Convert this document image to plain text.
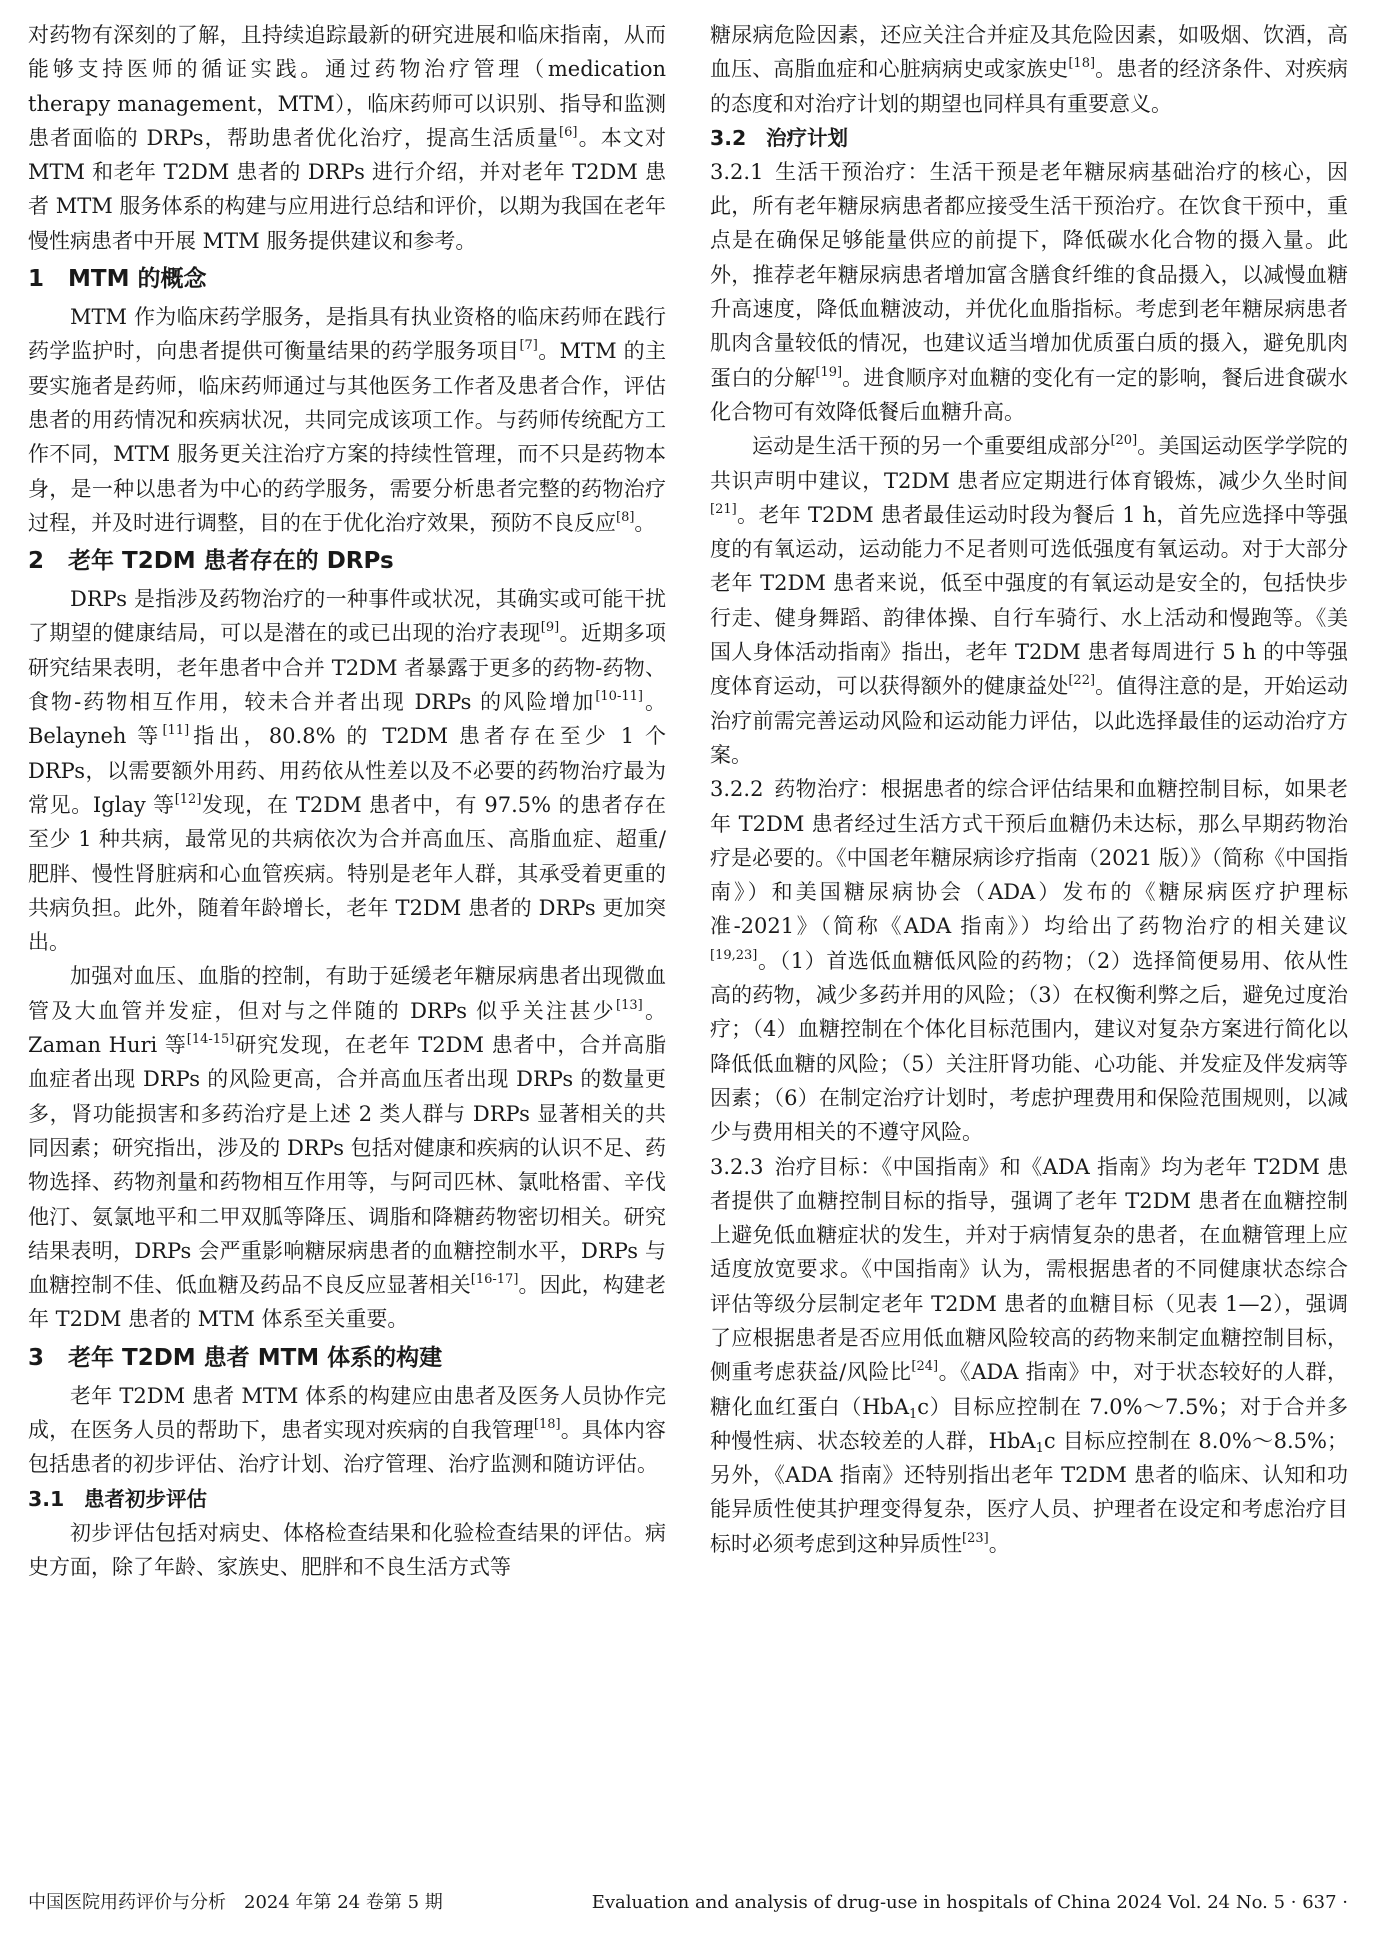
对药物有深刻的了解，且持续追踪最新的研究进展和临床指南，从而能够支持医师的循证实践。通过药物治疗管理（medication therapy management，MTM），临床药师可以识别、指导和监测患者面临的 DRPs，帮助患者优化治疗，提高生活质量[6]。本文对 MTM 和老年 T2DM 患者的 DRPs 进行介绍，并对老年 T2DM 患者 MTM 服务体系的构建与应用进行总结和评价，以期为我国在老年慢性病患者中开展 MTM 服务提供建议和参考。

1 MTM 的概念

MTM 作为临床药学服务，是指具有执业资格的临床药师在践行药学监护时，向患者提供可衡量结果的药学服务项目[7]。MTM 的主要实施者是药师，临床药师通过与其他医务工作者及患者合作，评估患者的用药情况和疾病状况，共同完成该项工作。与药师传统配方工作不同，MTM 服务更关注治疗方案的持续性管理，而不只是药物本身，是一种以患者为中心的药学服务，需要分析患者完整的药物治疗过程，并及时进行调整，目的在于优化治疗效果，预防不良反应[8]。

2 老年 T2DM 患者存在的 DRPs

DRPs 是指涉及药物治疗的一种事件或状况，其确实或可能干扰了期望的健康结局，可以是潜在的或已出现的治疗表现[9]。近期多项研究结果表明，老年患者中合并 T2DM 者暴露于更多的药物-药物、食物-药物相互作用，较未合并者出现 DRPs 的风险增加[10-11]。Belayneh 等[11]指出，80.8% 的 T2DM 患者存在至少 1 个 DRPs，以需要额外用药、用药依从性差以及不必要的药物治疗最为常见。Iglay 等[12]发现，在 T2DM 患者中，有 97.5% 的患者存在至少 1 种共病，最常见的共病依次为合并高血压、高脂血症、超重/肥胖、慢性肾脏病和心血管疾病。特别是老年人群，其承受着更重的共病负担。此外，随着年龄增长，老年 T2DM 患者的 DRPs 更加突出。

加强对血压、血脂的控制，有助于延缓老年糖尿病患者出现微血管及大血管并发症，但对与之伴随的 DRPs 似乎关注甚少[13]。Zaman Huri 等[14-15]研究发现，在老年 T2DM 患者中，合并高脂血症者出现 DRPs 的风险更高，合并高血压者出现 DRPs 的数量更多，肾功能损害和多药治疗是上述 2 类人群与 DRPs 显著相关的共同因素；研究指出，涉及的 DRPs 包括对健康和疾病的认识不足、药物选择、药物剂量和药物相互作用等，与阿司匹林、氯吡格雷、辛伐他汀、氨氯地平和二甲双胍等降压、调脂和降糖药物密切相关。研究结果表明，DRPs 会严重影响糖尿病患者的血糖控制水平，DRPs 与血糖控制不佳、低血糖及药品不良反应显著相关[16-17]。因此，构建老年 T2DM 患者的 MTM 体系至关重要。

3 老年 T2DM 患者 MTM 体系的构建

老年 T2DM 患者 MTM 体系的构建应由患者及医务人员协作完成，在医务人员的帮助下，患者实现对疾病的自我管理[18]。具体内容包括患者的初步评估、治疗计划、治疗管理、治疗监测和随访评估。

3.1 患者初步评估

初步评估包括对病史、体格检查结果和化验检查结果的评估。病史方面，除了年龄、家族史、肥胖和不良生活方式等

糖尿病危险因素，还应关注合并症及其危险因素，如吸烟、饮酒，高血压、高脂血症和心脏病病史或家族史[18]。患者的经济条件、对疾病的态度和对治疗计划的期望也同样具有重要意义。

3.2 治疗计划

3.2.1 生活干预治疗：生活干预是老年糖尿病基础治疗的核心，因此，所有老年糖尿病患者都应接受生活干预治疗。在饮食干预中，重点是在确保足够能量供应的前提下，降低碳水化合物的摄入量。此外，推荐老年糖尿病患者增加富含膳食纤维的食品摄入，以减慢血糖升高速度，降低血糖波动，并优化血脂指标。考虑到老年糖尿病患者肌肉含量较低的情况，也建议适当增加优质蛋白质的摄入，避免肌肉蛋白的分解[19]。进食顺序对血糖的变化有一定的影响，餐后进食碳水化合物可有效降低餐后血糖升高。

运动是生活干预的另一个重要组成部分[20]。美国运动医学学院的共识声明中建议，T2DM 患者应定期进行体育锻炼，减少久坐时间[21]。老年 T2DM 患者最佳运动时段为餐后 1 h，首先应选择中等强度的有氧运动，运动能力不足者则可选低强度有氧运动。对于大部分老年 T2DM 患者来说，低至中强度的有氧运动是安全的，包括快步行走、健身舞蹈、韵律体操、自行车骑行、水上活动和慢跑等。《美国人身体活动指南》指出，老年 T2DM 患者每周进行 5 h 的中等强度体育运动，可以获得额外的健康益处[22]。值得注意的是，开始运动治疗前需完善运动风险和运动能力评估，以此选择最佳的运动治疗方案。

3.2.2 药物治疗：根据患者的综合评估结果和血糖控制目标，如果老年 T2DM 患者经过生活方式干预后血糖仍未达标，那么早期药物治疗是必要的。《中国老年糖尿病诊疗指南（2021 版）》（简称《中国指南》）和美国糖尿病协会（ADA）发布的《糖尿病医疗护理标准-2021》（简称《ADA 指南》）均给出了药物治疗的相关建议[19,23]。（1）首选低血糖低风险的药物；（2）选择简便易用、依从性高的药物，减少多药并用的风险；（3）在权衡利弊之后，避免过度治疗；（4）血糖控制在个体化目标范围内，建议对复杂方案进行简化以降低低血糖的风险；（5）关注肝肾功能、心功能、并发症及伴发病等因素；（6）在制定治疗计划时，考虑护理费用和保险范围规则，以减少与费用相关的不遵守风险。

3.2.3 治疗目标：《中国指南》和《ADA 指南》均为老年 T2DM 患者提供了血糖控制目标的指导，强调了老年 T2DM 患者在血糖控制上避免低血糖症状的发生，并对于病情复杂的患者，在血糖管理上应适度放宽要求。《中国指南》认为，需根据患者的不同健康状态综合评估等级分层制定老年 T2DM 患者的血糖目标（见表 1—2），强调了应根据患者是否应用低血糖风险较高的药物来制定血糖控制目标，侧重考虑获益/风险比[24]。《ADA 指南》中，对于状态较好的人群，糖化血红蛋白（HbA$_1$c）目标应控制在 7.0%～7.5%；对于合并多种慢性病、状态较差的人群，HbA$_1$c 目标应控制在 8.0%～8.5%；另外，《ADA 指南》还特别指出老年 T2DM 患者的临床、认知和功能异质性使其护理变得复杂，医疗人员、护理者在设定和考虑治疗目标时必须考虑到这种异质性[23]。

中国医院用药评价与分析　2024 年第 24 卷第 5 期	Evaluation and analysis of drug-use in hospitals of China 2024 Vol. 24 No. 5 · 637 ·
